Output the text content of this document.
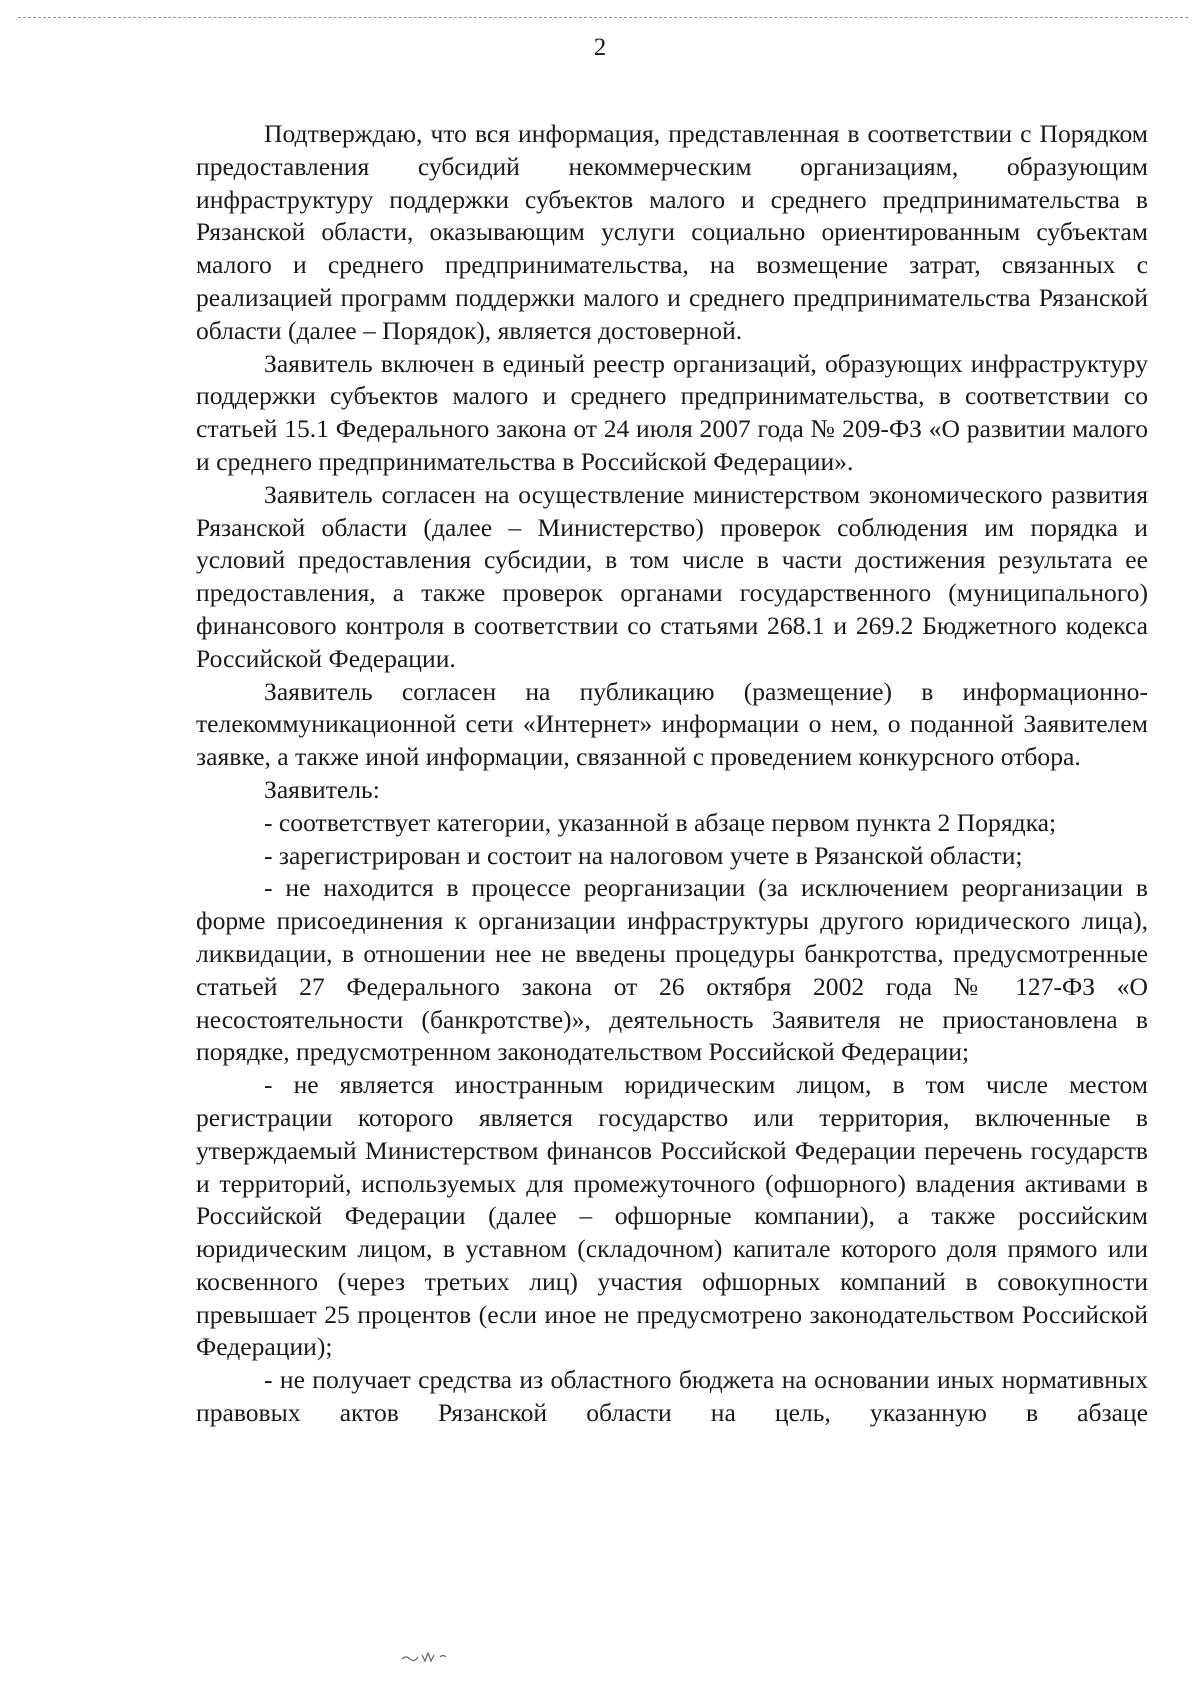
2

Подтверждаю, что вся информация, представленная в соответствии с Порядком предоставления субсидий некоммерческим организациям, образующим инфраструктуру поддержки субъектов малого и среднего предпринимательства в Рязанской области, оказывающим услуги социально ориентированным субъектам малого и среднего предпринимательства, на возмещение затрат, связанных с реализацией программ поддержки малого и среднего предпринимательства Рязанской области (далее – Порядок), является достоверной.

Заявитель включен в единый реестр организаций, образующих инфраструктуру поддержки субъектов малого и среднего предпринимательства, в соответствии со статьей 15.1 Федерального закона от 24 июля 2007 года № 209-ФЗ «О развитии малого и среднего предпринимательства в Российской Федерации».

Заявитель согласен на осуществление министерством экономического развития Рязанской области (далее – Министерство) проверок соблюдения им порядка и условий предоставления субсидии, в том числе в части достижения результата ее предоставления, а также проверок органами государственного (муниципального) финансового контроля в соответствии со статьями 268.1 и 269.2 Бюджетного кодекса Российской Федерации.

Заявитель согласен на публикацию (размещение) в информационно-телекоммуникационной сети «Интернет» информации о нем, о поданной Заявителем заявке, а также иной информации, связанной с проведением конкурсного отбора.

Заявитель:

- соответствует категории, указанной в абзаце первом пункта 2 Порядка;

- зарегистрирован и состоит на налоговом учете в Рязанской области;

- не находится в процессе реорганизации (за исключением реорганизации в форме присоединения к организации инфраструктуры другого юридического лица), ликвидации, в отношении нее не введены процедуры банкротства, предусмотренные статьей 27 Федерального закона от 26 октября 2002 года № 127-ФЗ «О несостоятельности (банкротстве)», деятельность Заявителя не приостановлена в порядке, предусмотренном законодательством Российской Федерации;

- не является иностранным юридическим лицом, в том числе местом регистрации которого является государство или территория, включенные в утверждаемый Министерством финансов Российской Федерации перечень государств и территорий, используемых для промежуточного (офшорного) владения активами в Российской Федерации (далее – офшорные компании), а также российским юридическим лицом, в уставном (складочном) капитале которого доля прямого или косвенного (через третьих лиц) участия офшорных компаний в совокупности превышает 25 процентов (если иное не предусмотрено законодательством Российской Федерации);

- не получает средства из областного бюджета на основании иных нормативных правовых актов Рязанской области на цель, указанную в абзаце
